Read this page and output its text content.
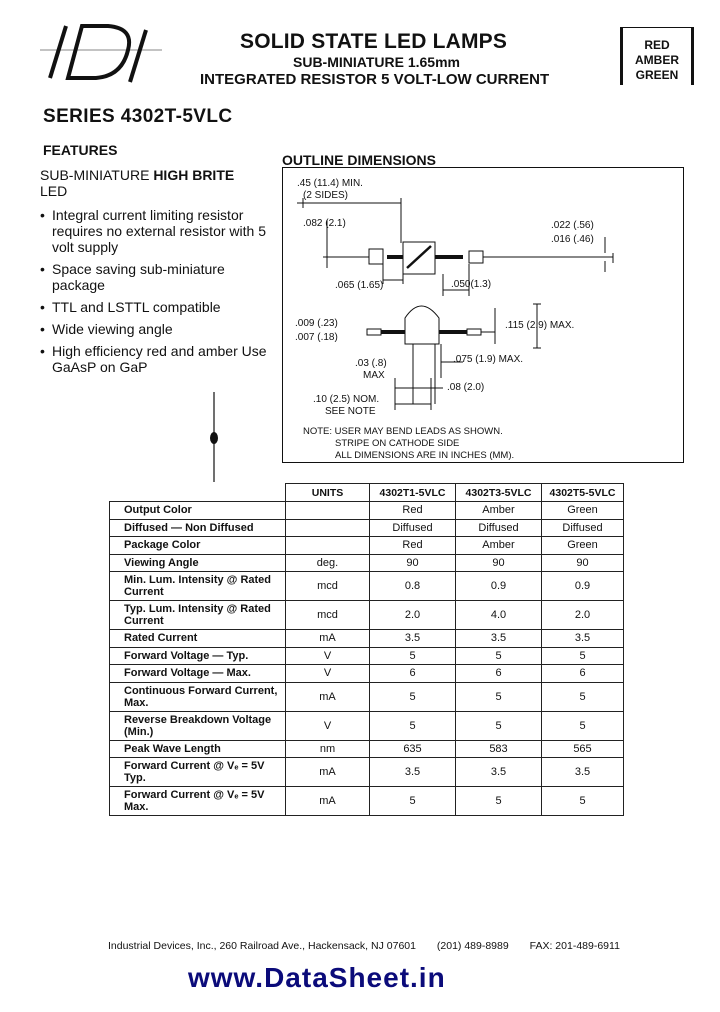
SOLID STATE LED LAMPS
SUB-MINIATURE 1.65mm
INTEGRATED RESISTOR 5 VOLT-LOW CURRENT
RED
AMBER
GREEN
SERIES 4302T-5VLC
FEATURES
SUB-MINIATURE HIGH BRITE
LED
• Integral current limiting resistor requires no external resistor with 5 volt supply
• Space saving sub-miniature package
• TTL and LSTTL compatible
• Wide viewing angle
• High efficiency red and amber Use GaAsP on GaP
OUTLINE DIMENSIONS
.45 (11.4) MIN.
(2 SIDES)
.082 (2.1)	.022 (.56)
.016 (.46)
.065 (1.65)	.050(1.3)
.009 (.23)
.007 (.18)
.115 (2.9) MAX.
.03 (.8)
MAX
.075 (1.9) MAX.
.08 (2.0)
.10 (2.5) NOM.
SEE NOTE
NOTE: USER MAY BEND LEADS AS SHOWN.
STRIPE ON CATHODE SIDE
ALL DIMENSIONS ARE IN INCHES (MM).
	UNITS	4302T1-5VLC	4302T3-5VLC	4302T5-5VLC
Output Color		Red	Amber	Green
Diffused — Non Diffused		Diffused	Diffused	Diffused
Package Color		Red	Amber	Green
Viewing Angle	deg.	90	90	90
Min. Lum. Intensity @ Rated Current	mcd	0.8	0.9	0.9
Typ. Lum. Intensity @ Rated Current	mcd	2.0	4.0	2.0
Rated Current	mA	3.5	3.5	3.5
Forward Voltage — Typ.	V	5	5	5
Forward Voltage — Max.	V	6	6	6
Continuous Forward Current, Max.	mA	5	5	5
Reverse Breakdown Voltage (Min.)	V	5	5	5
Peak Wave Length	nm	635	583	565
Forward Current @ Vₑ = 5V Typ.	mA	3.5	3.5	3.5
Forward Current @ Vₑ = 5V Max.	mA	5	5	5
Industrial Devices, Inc., 260 Railroad Ave., Hackensack, NJ 07601 (201) 489-8989 FAX: 201-489-6911
www.DataSheet.in
